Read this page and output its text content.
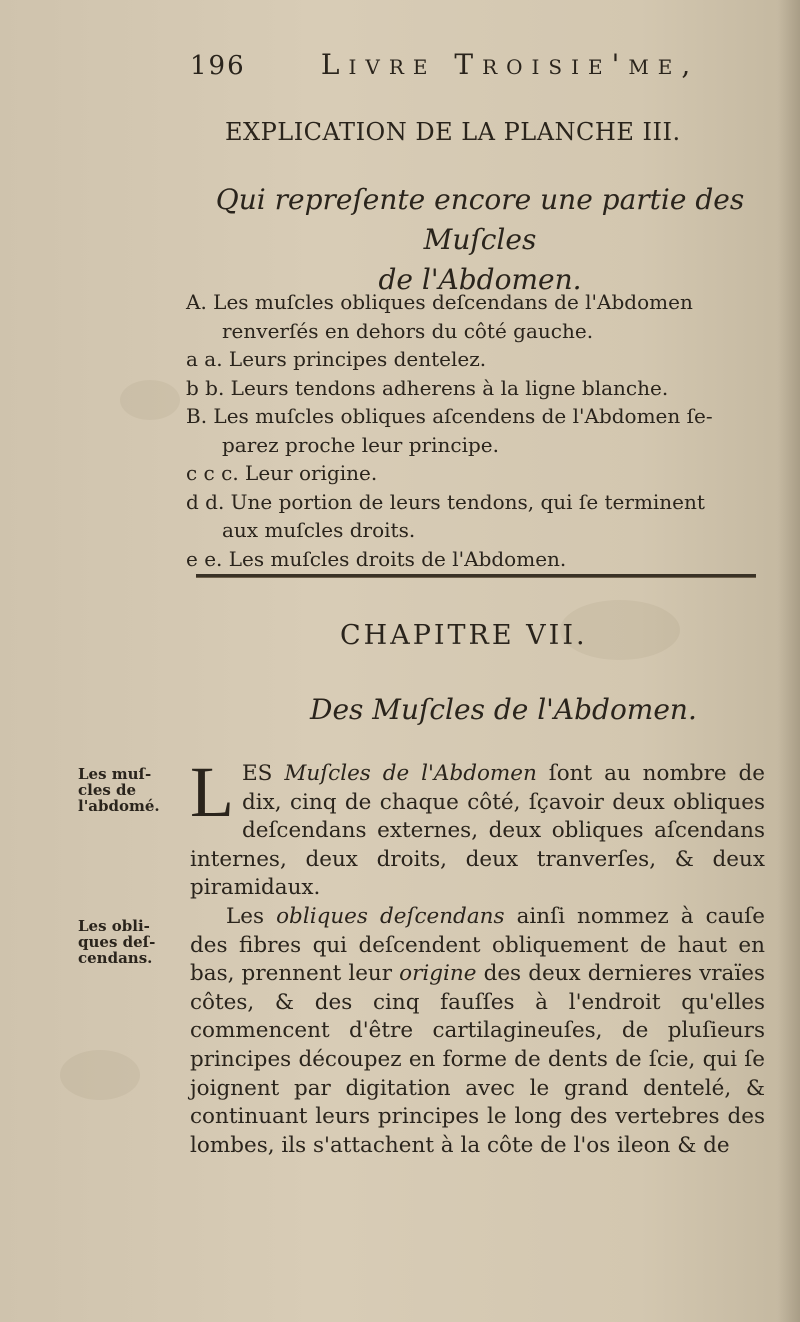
196	Livre Troisie'me,
EXPLICATION DE LA PLANCHE III.
Qui repreſente encore une partie des Muſcles
de l'Abdomen.
A. Les muſcles obliques deſcendans de l'Abdomen
renverſés en dehors du côté gauche.
a a. Leurs principes dentelez.
b b. Leurs tendons adherens à la ligne blanche.
B. Les muſcles obliques aſcendens de l'Abdomen ſe-
parez proche leur principe.
c c c. Leur origine.
d d. Une portion de leurs tendons, qui ſe terminent
aux muſcles droits.
e e. Les muſcles droits de l'Abdomen.
CHAPITRE VII.
Des Muſcles de l'Abdomen.
Les muſ- cles de l'abdomé.
Les obli- ques deſ- cendans.

LES Muſcles de l'Abdomen ſont au nombre de dix, cinq de chaque côté, ſçavoir deux obliques deſcendans externes, deux obliques aſcendans internes, deux droits, deux tranverſes, & deux piramidaux.

Les obliques deſcendans ainſi nommez à cauſe des fibres qui deſcendent obliquement de haut en bas, prennent leur origine des deux dernieres vraïes côtes, & des cinq fauſſes à l'endroit qu'elles commencent d'être cartilagineuſes, de pluſieurs principes découpez en forme de dents de ſcie, qui ſe joignent par digitation avec le grand dentelé, & continuant leurs principes le long des vertebres des lombes, ils s'attachent à la côte de l'os ileon & de
